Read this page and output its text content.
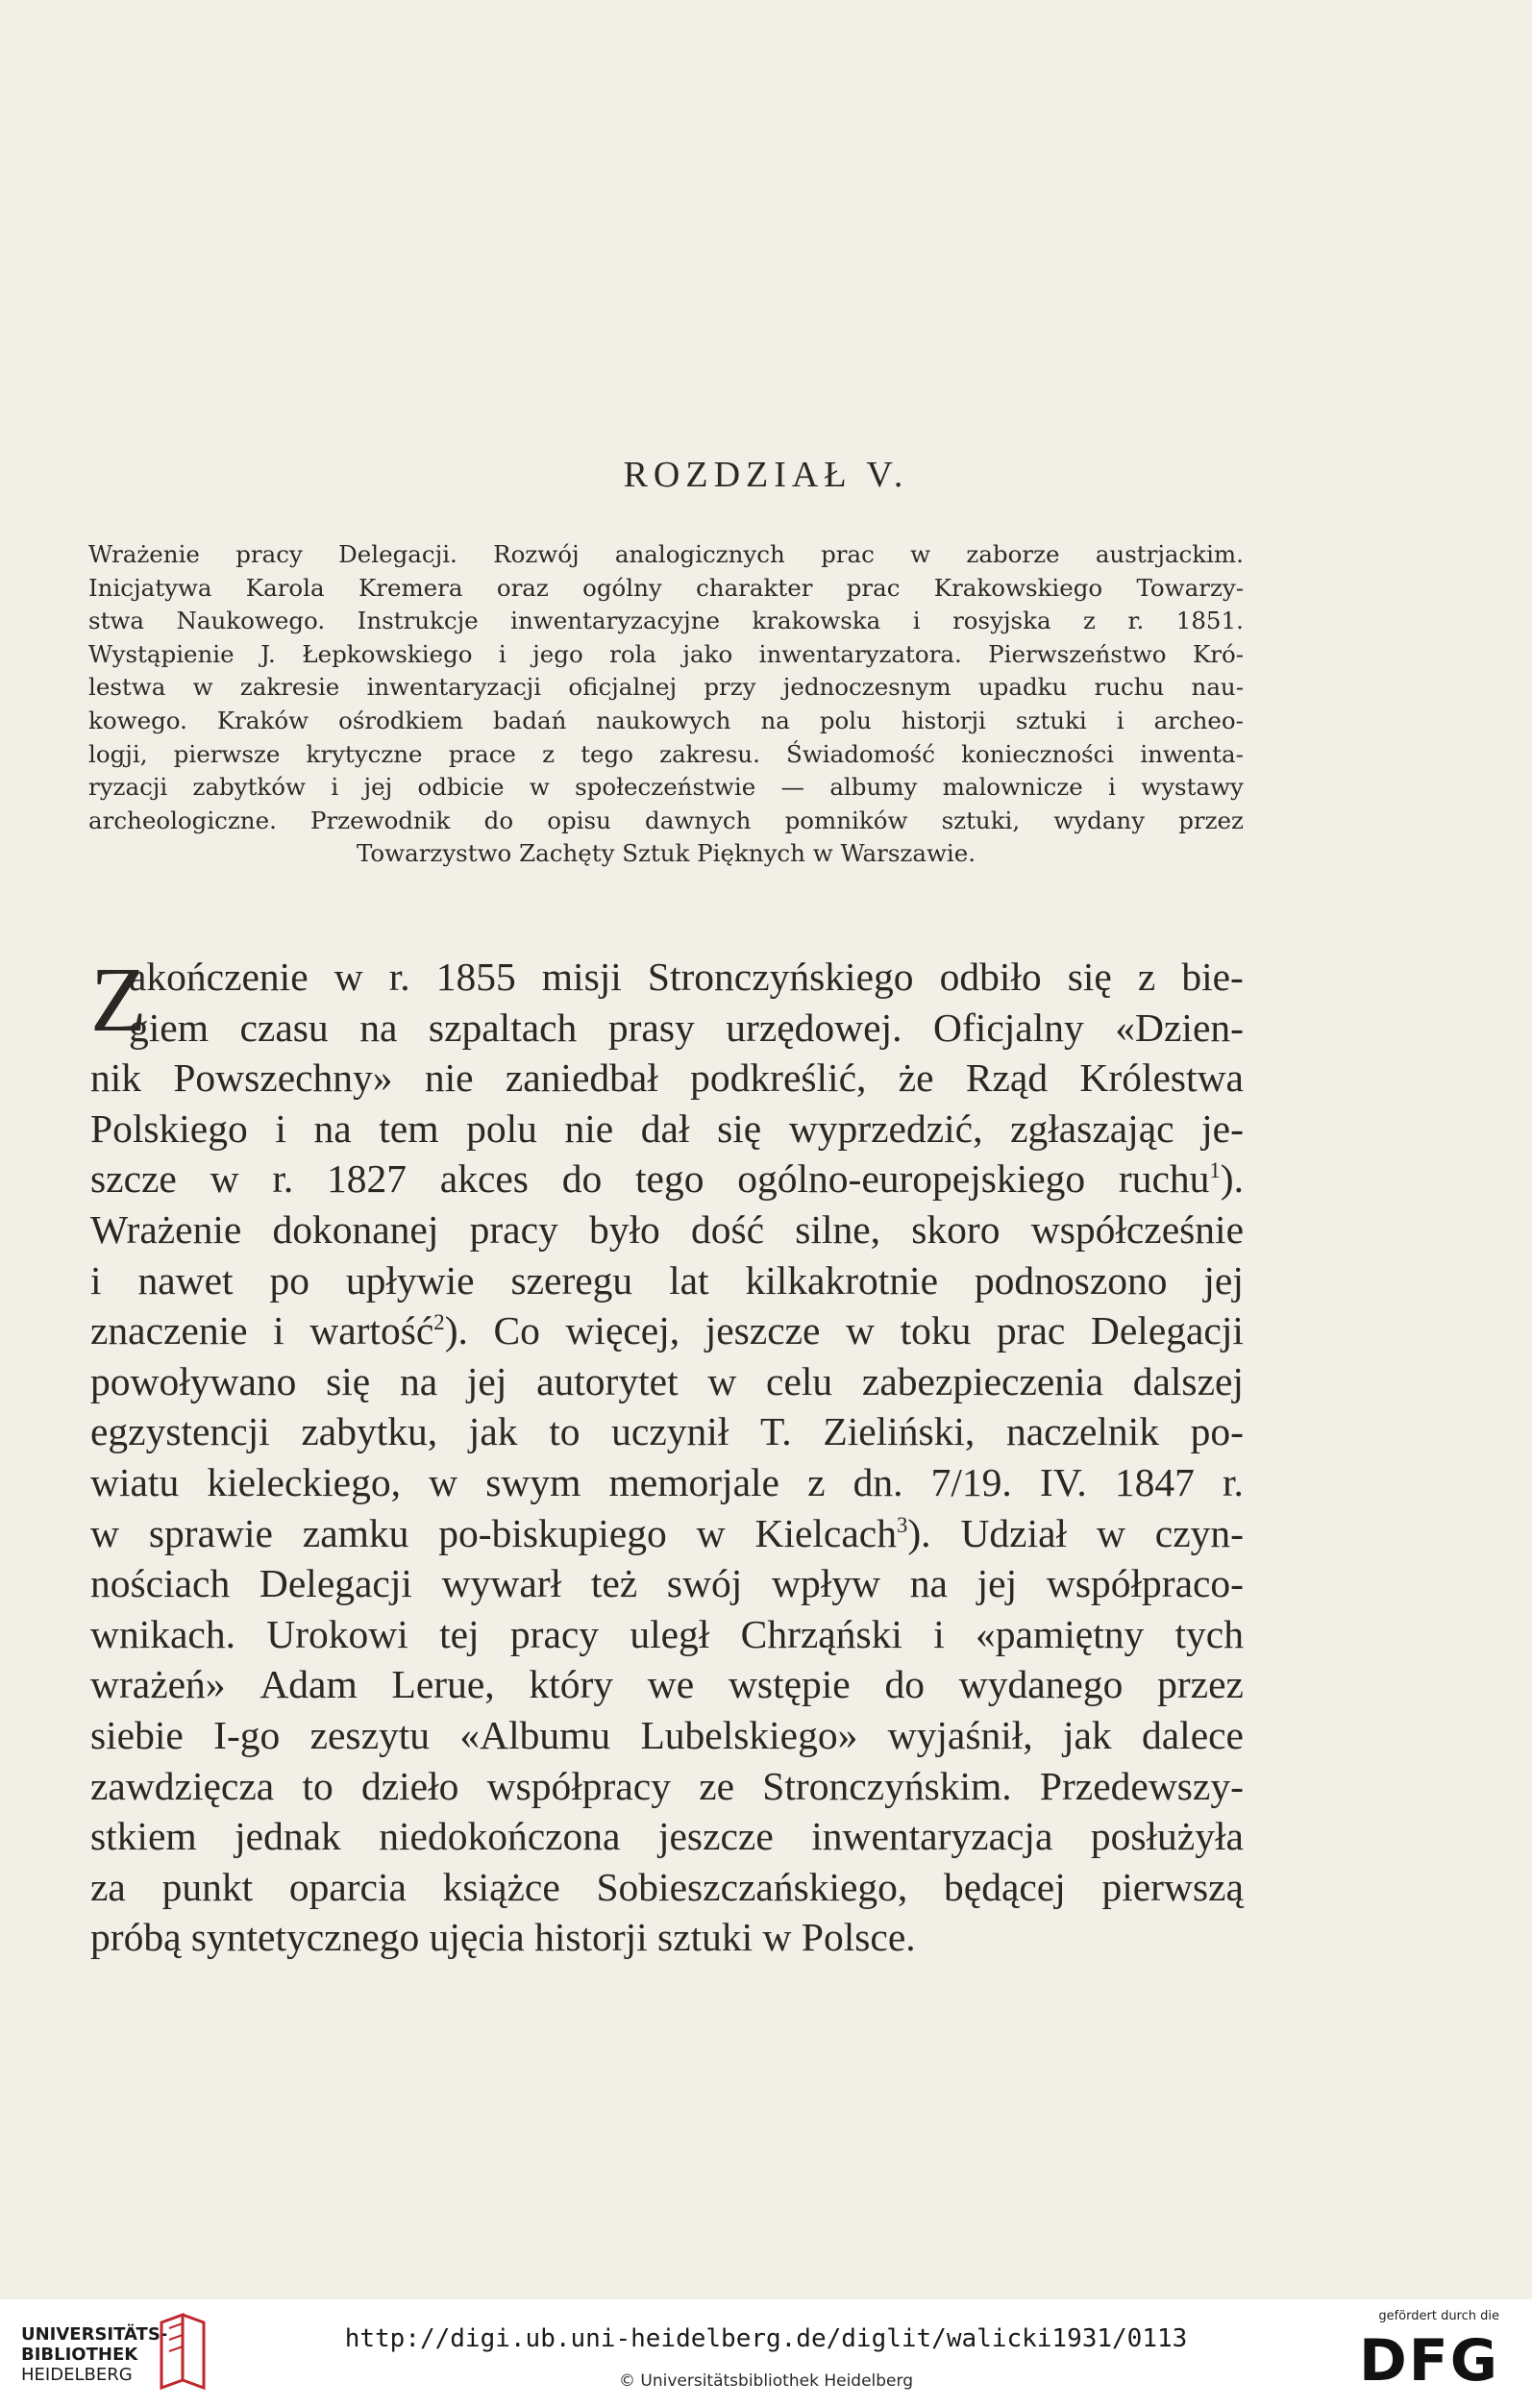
ROZDZIAŁ V.
Wrażenie pracy Delegacji. Rozwój analogicznych prac w zaborze austrjackim.
Inicjatywa Karola Kremera oraz ogólny charakter prac Krakowskiego Towarzy-
stwa Naukowego. Instrukcje inwentaryzacyjne krakowska i rosyjska z r. 1851.
Wystąpienie J. Łepkowskiego i jego rola jako inwentaryzatora. Pierwszeństwo Kró-
lestwa w zakresie inwentaryzacji oficjalnej przy jednoczesnym upadku ruchu nau-
kowego. Kraków ośrodkiem badań naukowych na polu historji sztuki i archeo-
logji, pierwsze krytyczne prace z tego zakresu. Świadomość konieczności inwenta-
ryzacji zabytków i jej odbicie w społeczeństwie — albumy malownicze i wystawy
archeologiczne. Przewodnik do opisu dawnych pomników sztuki, wydany przez
Towarzystwo Zachęty Sztuk Pięknych w Warszawie.
Z
akończenie w r. 1855 misji Stronczyńskiego odbiło się z bie-
giem czasu na szpaltach prasy urzędowej. Oficjalny «Dzien-
nik Powszechny» nie zaniedbał podkreślić, że Rząd Królestwa
Polskiego i na tem polu nie dał się wyprzedzić, zgłaszając je-
szcze w r. 1827 akces do tego ogólno-europejskiego ruchu$^1$).
Wrażenie dokonanej pracy było dość silne, skoro współcześnie
i nawet po upływie szeregu lat kilkakrotnie podnoszono jej
znaczenie i wartość$^2$). Co więcej, jeszcze w toku prac Delegacji
powoływano się na jej autorytet w celu zabezpieczenia dalszej
egzystencji zabytku, jak to uczynił T. Zieliński, naczelnik po-
wiatu kieleckiego, w swym memorjale z dn. 7/19. IV. 1847 r.
w sprawie zamku po-biskupiego w Kielcach$^3$). Udział w czyn-
nościach Delegacji wywarł też swój wpływ na jej współpraco-
wnikach. Urokowi tej pracy uległ Chrząński i «pamiętny tych
wrażeń» Adam Lerue, który we wstępie do wydanego przez
siebie I-go zeszytu «Albumu Lubelskiego» wyjaśnił, jak dalece
zawdzięcza to dzieło współpracy ze Stronczyńskim. Przedewszy-
stkiem jednak niedokończona jeszcze inwentaryzacja posłużyła
za punkt oparcia książce Sobieszczańskiego, będącej pierwszą
próbą syntetycznego ujęcia historji sztuki w Polsce.
UNIVERSITÄTS-
BIBLIOTHEK
HEIDELBERG
http://digi.ub.uni-heidelberg.de/diglit/walicki1931/0113
© Universitätsbibliothek Heidelberg
gefördert durch die
DFG
